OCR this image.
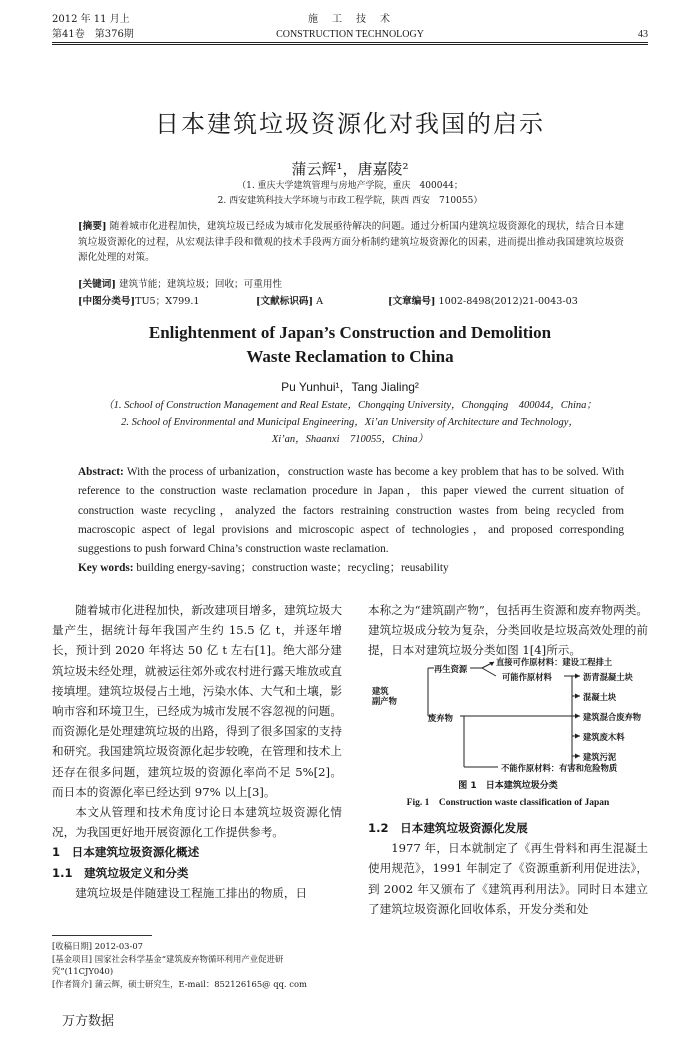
2012 年 11 月上
第41卷　第376期
施　工　技　术
CONSTRUCTION TECHNOLOGY	43
日本建筑垃圾资源化对我国的启示
蒲云辉¹，唐嘉陵²
（1. 重庆大学建筑管理与房地产学院，重庆　400044；
2. 西安建筑科技大学环境与市政工程学院，陕西 西安　710055）
[摘要] 随着城市化进程加快，建筑垃圾已经成为城市化发展亟待解决的问题。通过分析国内建筑垃圾资源化的现状，结合日本建筑垃圾资源化的过程，从宏观法律手段和微观的技术手段两方面分析制约建筑垃圾资源化的因素，进而提出推动我国建筑垃圾资源化处理的对策。
[关键词] 建筑节能；建筑垃圾；回收；可重用性
[中图分类号]TU5；X799.1	[文献标识码] A	[文章编号] 1002-8498(2012)21-0043-03
Enlightenment of Japan’s Construction and Demolition
Waste Reclamation to China
Pu Yunhui¹，Tang Jialing²
（1. School of Construction Management and Real Estate，Chongqing University，Chongqing　400044，China；
2. School of Environmental and Municipal Engineering，Xi’an University of Architecture and Technology，
Xi’an，Shaanxi　710055，China）
Abstract: With the process of urbanization，construction waste has become a key problem that has to be solved. With reference to the construction waste reclamation procedure in Japan，this paper viewed the current situation of construction waste recycling，analyzed the factors restraining construction wastes from being recycled from macroscopic aspect of legal provisions and microscopic aspect of technologies，and proposed corresponding suggestions to push forward China’s construction waste reclamation.
Key words: building energy-saving；construction waste；recycling；reusability

随着城市化进程加快，新改建项目增多，建筑垃圾大量产生，据统计每年我国产生约 15.5 亿 t，并逐年增长，预计到 2020 年将达 50 亿 t 左右[1]。绝大部分建筑垃圾未经处理，就被运往郊外或农村进行露天堆放或直接填埋。建筑垃圾侵占土地，污染水体、大气和土壤，影响市容和环境卫生，已经成为城市发展不容忽视的问题。而资源化是处理建筑垃圾的出路，得到了很多国家的支持和研究。我国建筑垃圾资源化起步较晚，在管理和技术上还存在很多问题，建筑垃圾的资源化率尚不足 5%[2]。而日本的资源化率已经达到 97% 以上[3]。

本文从管理和技术角度讨论日本建筑垃圾资源化情况，为我国更好地开展资源化工作提供参考。

1　日本建筑垃圾资源化概述
1.1　建筑垃圾定义和分类

建筑垃圾是伴随建设工程施工排出的物质，日

[收稿日期] 2012-03-07
[基金项目] 国家社会科学基金“建筑废弃物循环利用产业促进研究”(11CJY040)
[作者简介] 蒲云辉，硕士研究生，E-mail：852126165@ qq. com
万方数据

本称之为“建筑副产物”，包括再生资源和废弃物两类。建筑垃圾成分较为复杂，分类回收是垃圾高效处理的前提，日本对建筑垃圾分类如图 1[4]所示。

建筑
副产物
再生资源
直接可作原材料：建设工程排土
可能作原材料
废弃物
沥青混凝土块
混凝土块
建筑混合废弃物
建筑废木料
建筑污泥
不能作原材料：有害和危险物质
图 1　日本建筑垃圾分类
Fig. 1　Construction waste classification of Japan
1.2　日本建筑垃圾资源化发展

1977 年，日本就制定了《再生骨料和再生混凝土使用规范》，1991 年制定了《资源重新利用促进法》，到 2002 年又颁布了《建筑再利用法》。同时日本建立了建筑垃圾资源化回收体系，开发分类和处
